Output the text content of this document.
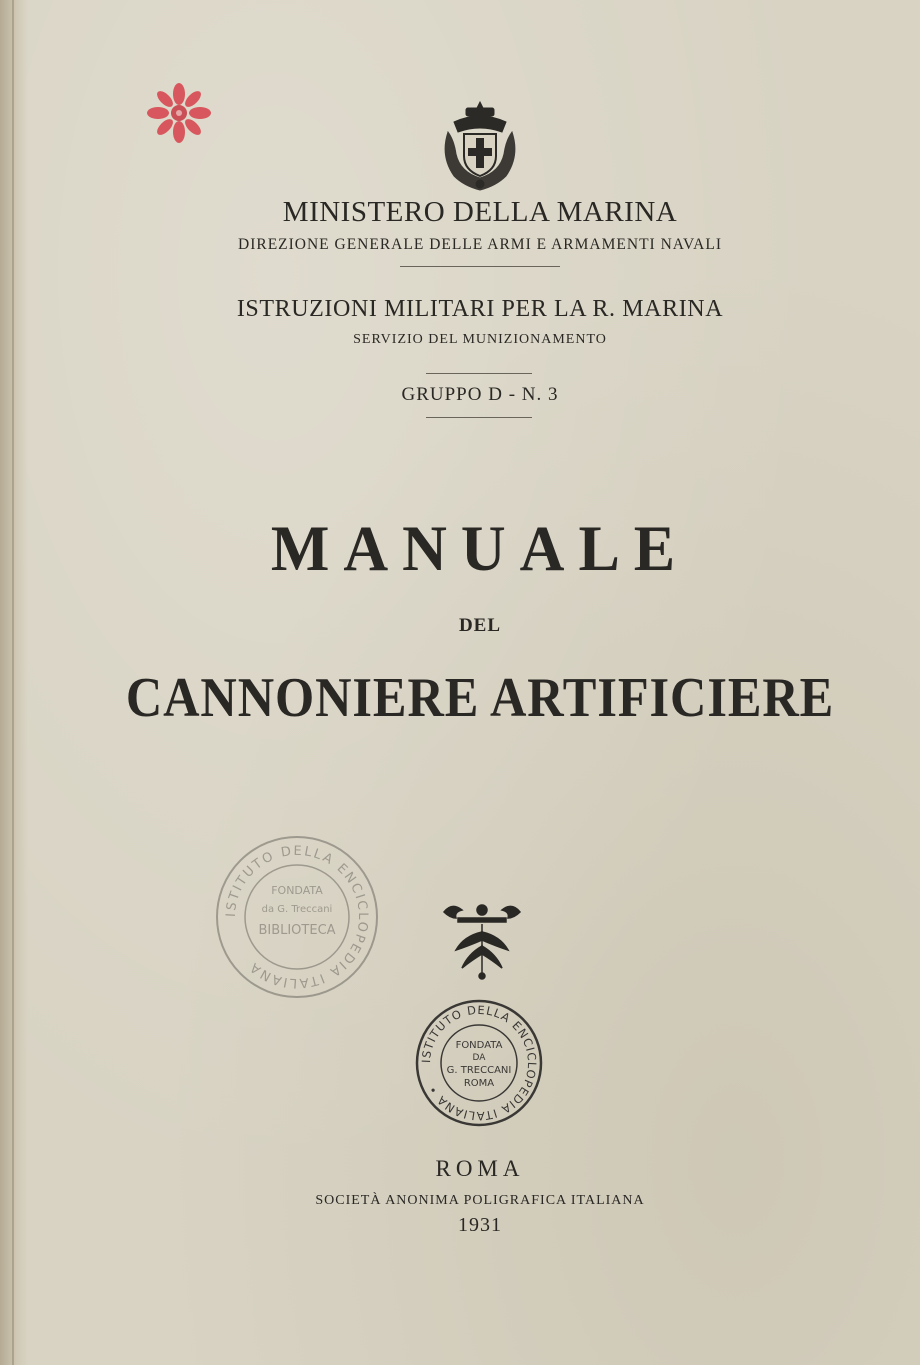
MINISTERO DELLA MARINA
DIREZIONE GENERALE DELLE ARMI E ARMAMENTI NAVALI
ISTRUZIONI MILITARI PER LA R. MARINA
SERVIZIO DEL MUNIZIONAMENTO
GRUPPO D - N. 3
MANUALE
DEL
CANNONIERE ARTIFICIERE
ISTITUTO DELLA ENCICLOPEDIA ITALIANA
FONDATA
da G. Treccani
BIBLIOTECA
ISTITUTO DELLA ENCICLOPEDIA ITALIANA •
FONDATA
DA
G. TRECCANI
ROMA
ROMA
SOCIETÀ ANONIMA POLIGRAFICA ITALIANA
1931
